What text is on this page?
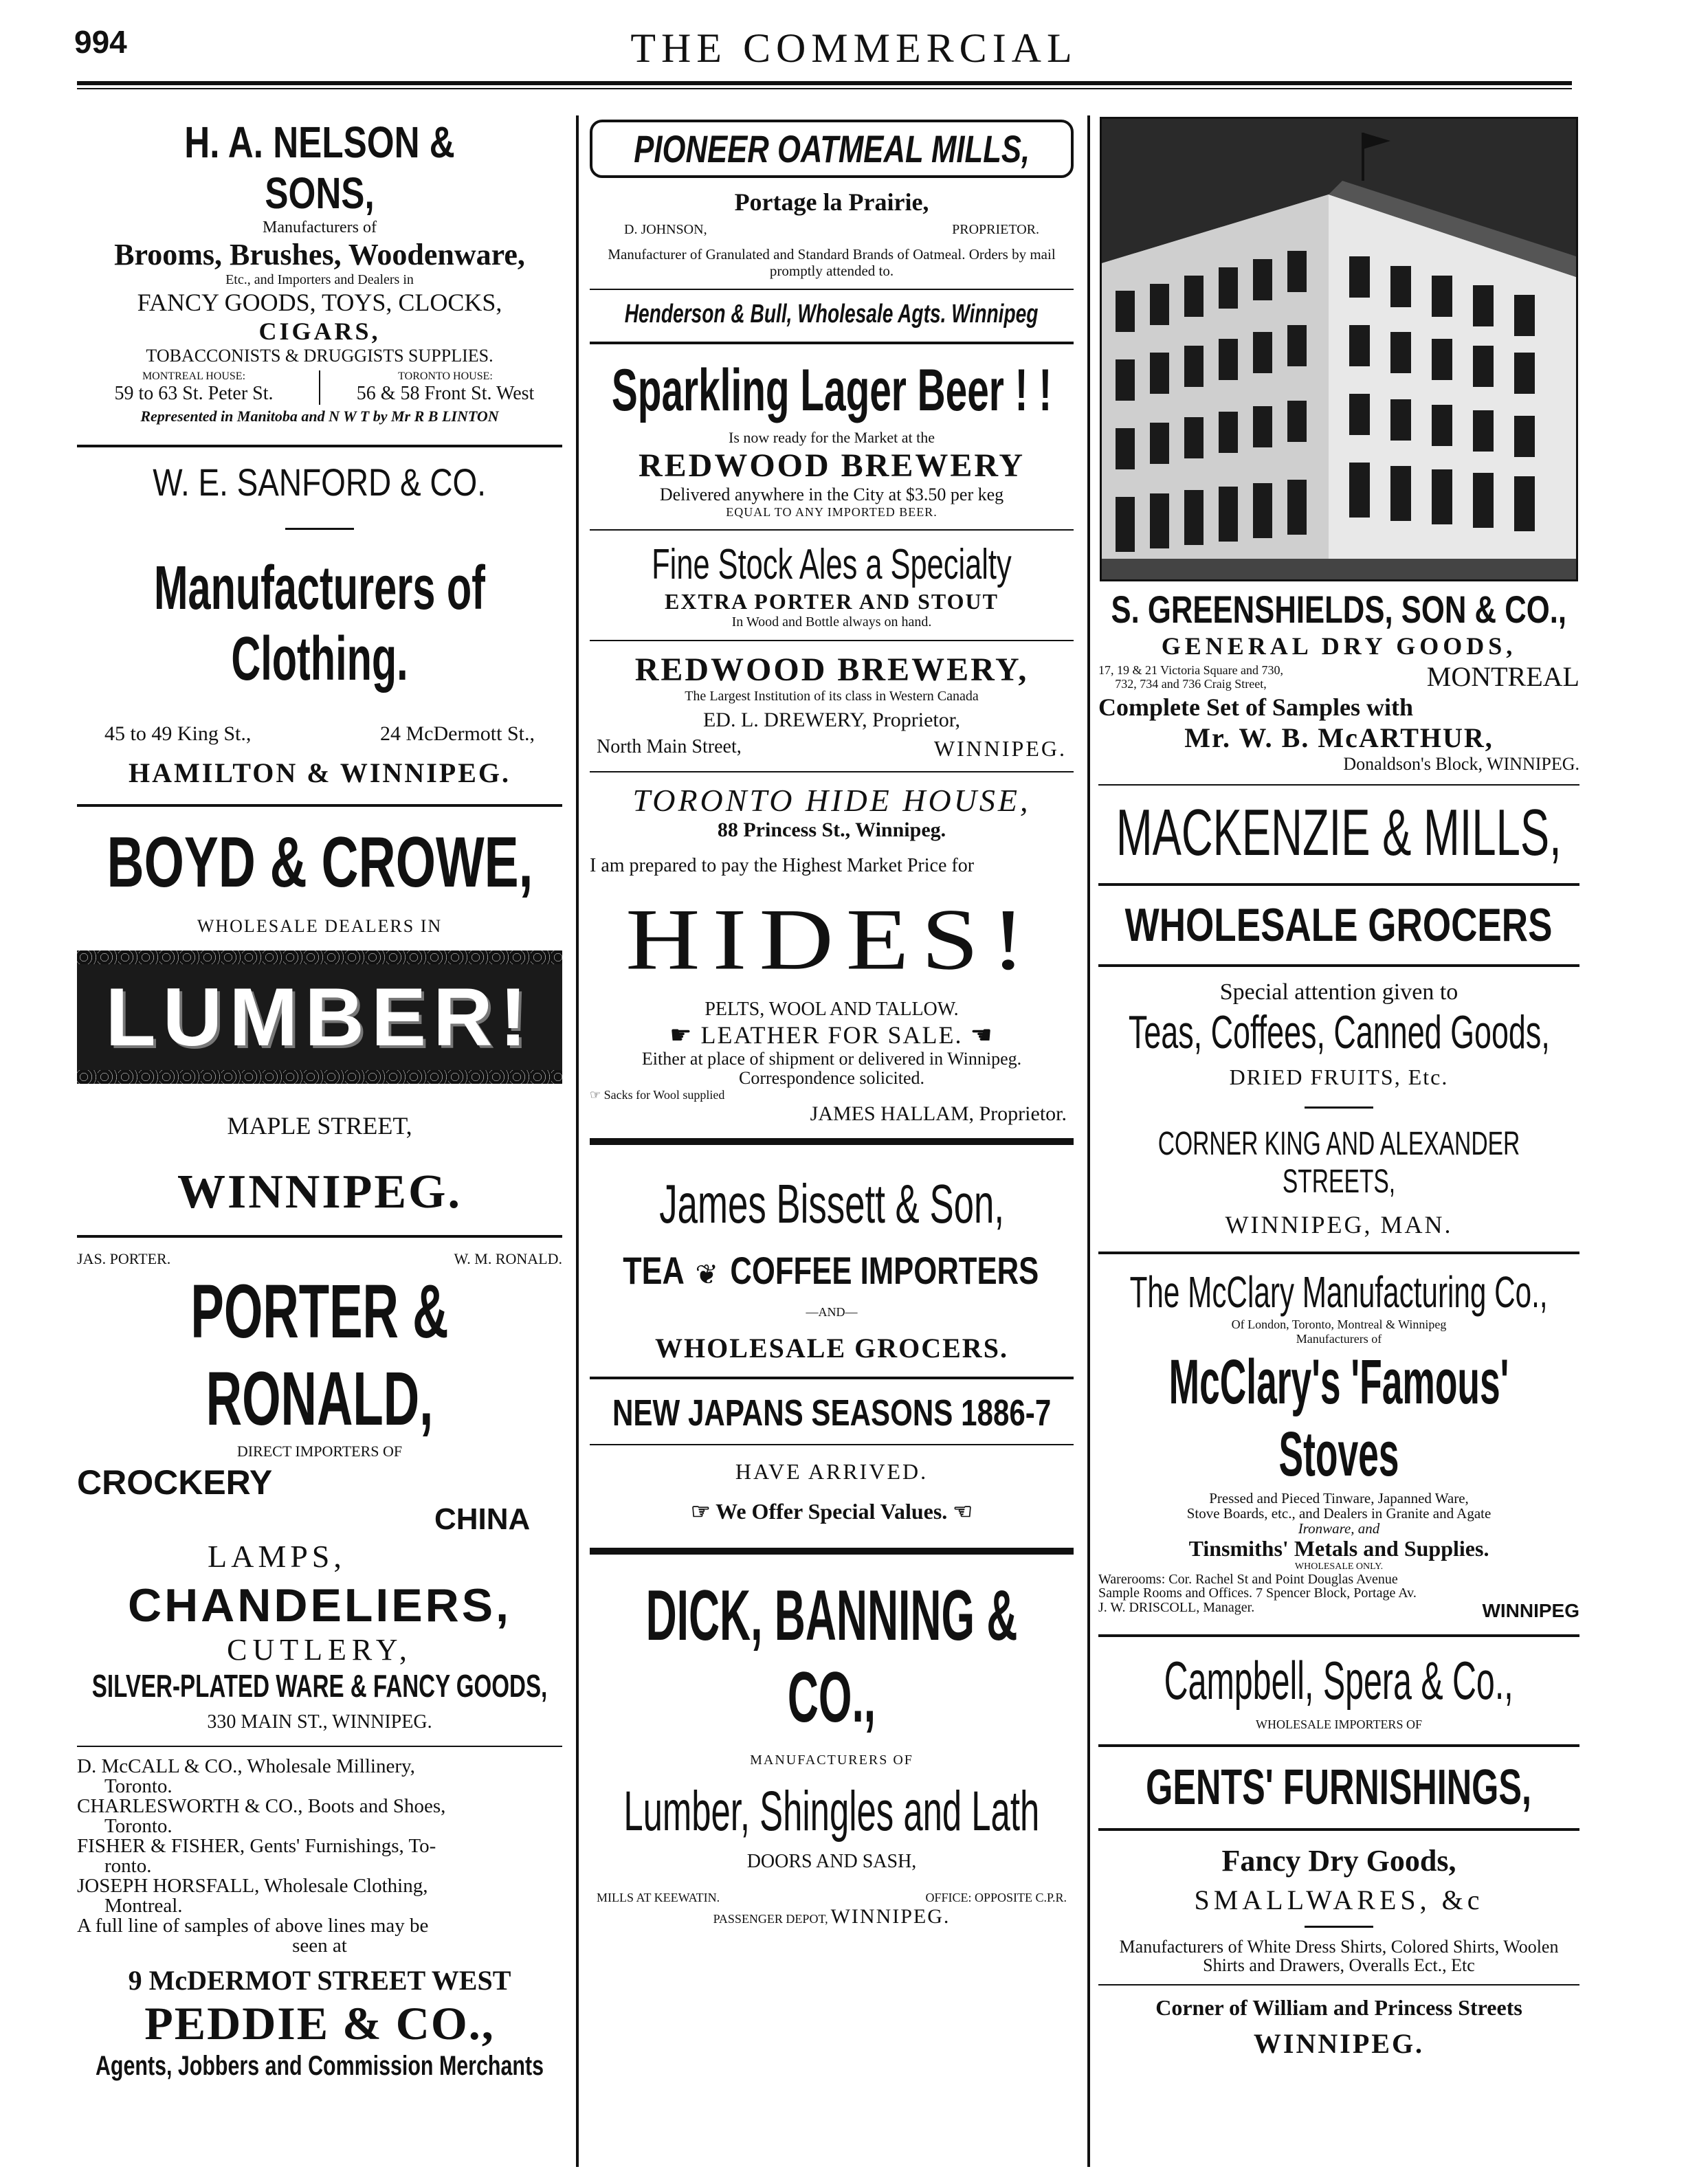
994	THE COMMERCIAL
H. A. NELSON & SONS,
Manufacturers of
Brooms, Brushes, Woodenware,
Etc., and Importers and Dealers in
FANCY GOODS, TOYS, CLOCKS,
CIGARS,
TOBACCONISTS & DRUGGISTS SUPPLIES.
MONTREAL HOUSE:
59 to 63 St. Peter St.
TORONTO HOUSE:
56 & 58 Front St. West
Represented in Manitoba and N W T by Mr R B LINTON
W. E. SANFORD & CO.
Manufacturers of Clothing.
45 to 49 King St.,	24 McDermott St.,
HAMILTON & WINNIPEG.
BOYD & CROWE,
WHOLESALE DEALERS IN
LUMBER!
MAPLE STREET,
WINNIPEG.
JAS. PORTER.	W. M. RONALD.
PORTER & RONALD,
DIRECT IMPORTERS OF
CROCKERY
CHINA
LAMPS,
CHANDELIERS,
CUTLERY,
SILVER-PLATED WARE & FANCY GOODS,
330 MAIN ST., WINNIPEG.
D. McCALL & CO., Wholesale Millinery,
Toronto.
CHARLESWORTH & CO., Boots and Shoes,
Toronto.
FISHER & FISHER, Gents' Furnishings, To-
ronto.
JOSEPH HORSFALL, Wholesale Clothing,
Montreal.
A full line of samples of above lines may be
seen at
9 McDERMOT STREET WEST
PEDDIE & CO.,
Agents, Jobbers and Commission Merchants
PIONEER OATMEAL MILLS,
Portage la Prairie,
D. JOHNSON,	PROPRIETOR.
Manufacturer of Granulated and Standard Brands of Oatmeal. Orders by mail promptly attended to.
Henderson & Bull, Wholesale Agts. Winnipeg
Sparkling Lager Beer ! !
Is now ready for the Market at the
REDWOOD BREWERY
Delivered anywhere in the City at $3.50 per keg
EQUAL TO ANY IMPORTED BEER.
Fine Stock Ales a Specialty
EXTRA PORTER AND STOUT
In Wood and Bottle always on hand.
REDWOOD BREWERY,
The Largest Institution of its class in Western Canada
ED. L. DREWERY, Proprietor,
North Main Street,	WINNIPEG.
TORONTO HIDE HOUSE,
88 Princess St., Winnipeg.
I am prepared to pay the Highest Market Price for
HIDES!
PELTS, WOOL AND TALLOW.
☛ LEATHER FOR SALE. ☚
Either at place of shipment or delivered in Winnipeg. Correspondence solicited.
☞ Sacks for Wool supplied
JAMES HALLAM, Proprietor.
James Bissett & Son,
TEA ❦ COFFEE IMPORTERS
—AND—
WHOLESALE GROCERS.
NEW JAPANS SEASONS 1886-7
HAVE ARRIVED.
☞ We Offer Special Values. ☜
DICK, BANNING & CO.,
MANUFACTURERS OF
Lumber, Shingles and Lath
DOORS AND SASH,
MILLS AT KEEWATIN.	OFFICE: OPPOSITE C.P.R.
PASSENGER DEPOT, WINNIPEG.
S. GREENSHIELDS, SON & CO.,
GENERAL DRY GOODS,
17, 19 & 21 Victoria Square and 730,
732, 734 and 736 Craig Street,	MONTREAL
Complete Set of Samples with
Mr. W. B. McARTHUR,
Donaldson's Block, WINNIPEG.
MACKENZIE & MILLS,
WHOLESALE GROCERS
Special attention given to
Teas, Coffees, Canned Goods,
DRIED FRUITS, Etc.
CORNER KING AND ALEXANDER STREETS,
WINNIPEG, MAN.
The McClary Manufacturing Co.,
Of London, Toronto, Montreal & Winnipeg
Manufacturers of
McClary's 'Famous' Stoves
Pressed and Pieced Tinware, Japanned Ware,
Stove Boards, etc., and Dealers in Granite and Agate
Ironware, and
Tinsmiths' Metals and Supplies.
WHOLESALE ONLY.
Warerooms: Cor. Rachel St and Point Douglas Avenue
Sample Rooms and Offices. 7 Spencer Block, Portage Av.
J. W. DRISCOLL, Manager.	WINNIPEG
Campbell, Spera & Co.,
WHOLESALE IMPORTERS OF
GENTS' FURNISHINGS,
Fancy Dry Goods,
SMALLWARES, &c
Manufacturers of White Dress Shirts, Colored Shirts, Woolen Shirts and Drawers, Overalls Ect., Etc
Corner of William and Princess Streets
WINNIPEG.
